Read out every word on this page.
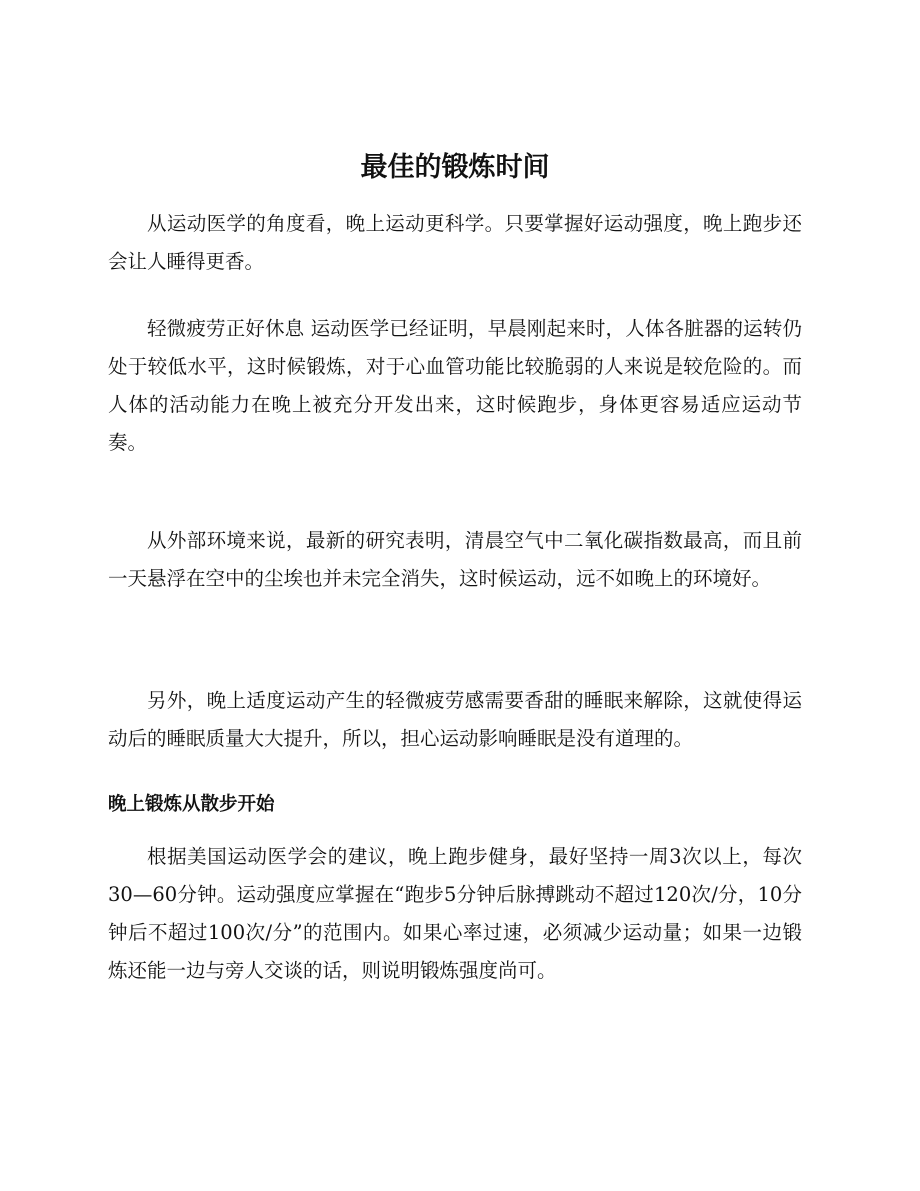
最佳的锻炼时间

从运动医学的角度看，晚上运动更科学。只要掌握好运动强度，晚上跑步还会让人睡得更香。

轻微疲劳正好休息 运动医学已经证明，早晨刚起来时，人体各脏器的运转仍处于较低水平，这时候锻炼，对于心血管功能比较脆弱的人来说是较危险的。而人体的活动能力在晚上被充分开发出来，这时候跑步，身体更容易适应运动节奏。

从外部环境来说，最新的研究表明，清晨空气中二氧化碳指数最高，而且前一天悬浮在空中的尘埃也并未完全消失，这时候运动，远不如晚上的环境好。

另外，晚上适度运动产生的轻微疲劳感需要香甜的睡眠来解除，这就使得运动后的睡眠质量大大提升，所以，担心运动影响睡眠是没有道理的。

晚上锻炼从散步开始

根据美国运动医学会的建议，晚上跑步健身，最好坚持一周3次以上，每次30—60分钟。运动强度应掌握在“跑步5分钟后脉搏跳动不超过120次/分，10分钟后不超过100次/分”的范围内。如果心率过速，必须减少运动量；如果一边锻炼还能一边与旁人交谈的话，则说明锻炼强度尚可。
